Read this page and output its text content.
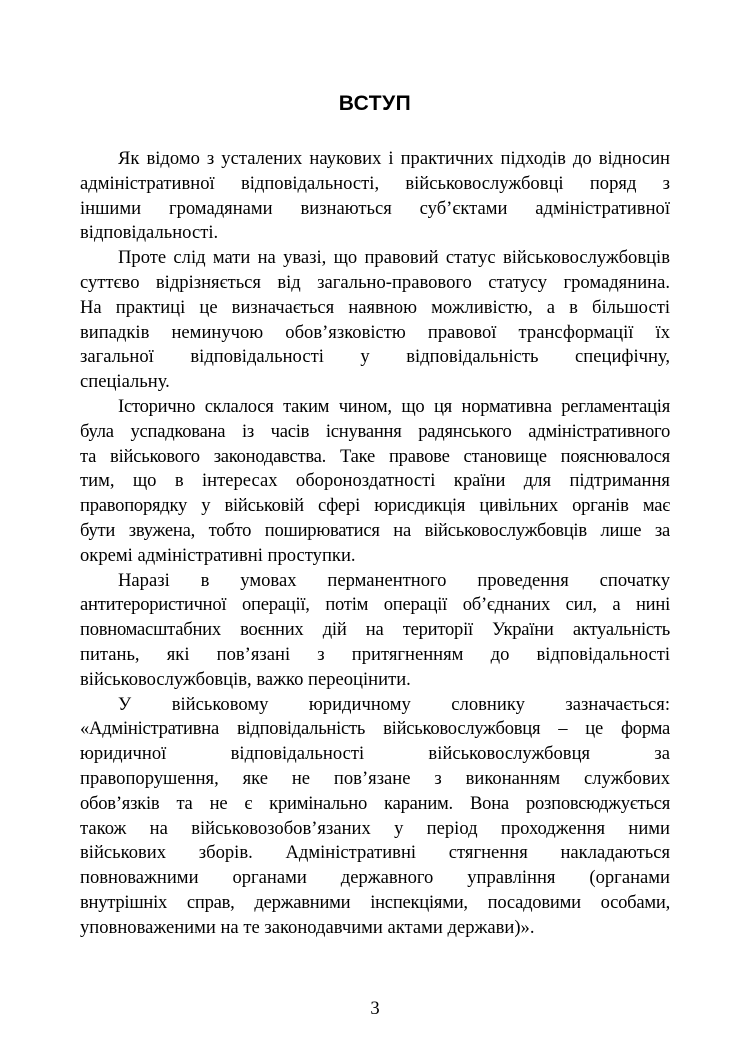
ВСТУП
Як відомо з усталених наукових і практичних підходів до відносин
адміністративної відповідальності, військовослужбовці поряд з
іншими громадянами визнаються суб’єктами адміністративної
відповідальності.
Проте слід мати на увазі, що правовий статус військовослужбовців
суттєво відрізняється від загально-правового статусу громадянина.
На практиці це визначається наявною можливістю, а в більшості
випадків неминучою обов’язковістю правової трансформації їх
загальної відповідальності у відповідальність специфічну,
спеціальну.
Історично склалося таким чином, що ця нормативна регламентація
була успадкована із часів існування радянського адміністративного
та військового законодавства. Таке правове становище пояснювалося
тим, що в інтересах обороноздатності країни для підтримання
правопорядку у військовій сфері юрисдикція цивільних органів має
бути звужена, тобто поширюватися на військовослужбовців лише за
окремі адміністративні проступки.
Наразі в умовах перманентного проведення спочатку
антитерористичної операції, потім операції об’єднаних сил, а нині
повномасштабних воєнних дій на території України актуальність
питань, які пов’язані з притягненням до відповідальності
військовослужбовців, важко переоцінити.
У військовому юридичному словнику зазначається:
«Адміністративна відповідальність військовослужбовця – це форма
юридичної відповідальності військовослужбовця за
правопорушення, яке не пов’язане з виконанням службових
обов’язків та не є кримінально караним. Вона розповсюджується
також на військовозобов’язаних у період проходження ними
військових зборів. Адміністративні стягнення накладаються
повноважними органами державного управління (органами
внутрішніх справ, державними інспекціями, посадовими особами,
уповноваженими на те законодавчими актами держави)».
3
